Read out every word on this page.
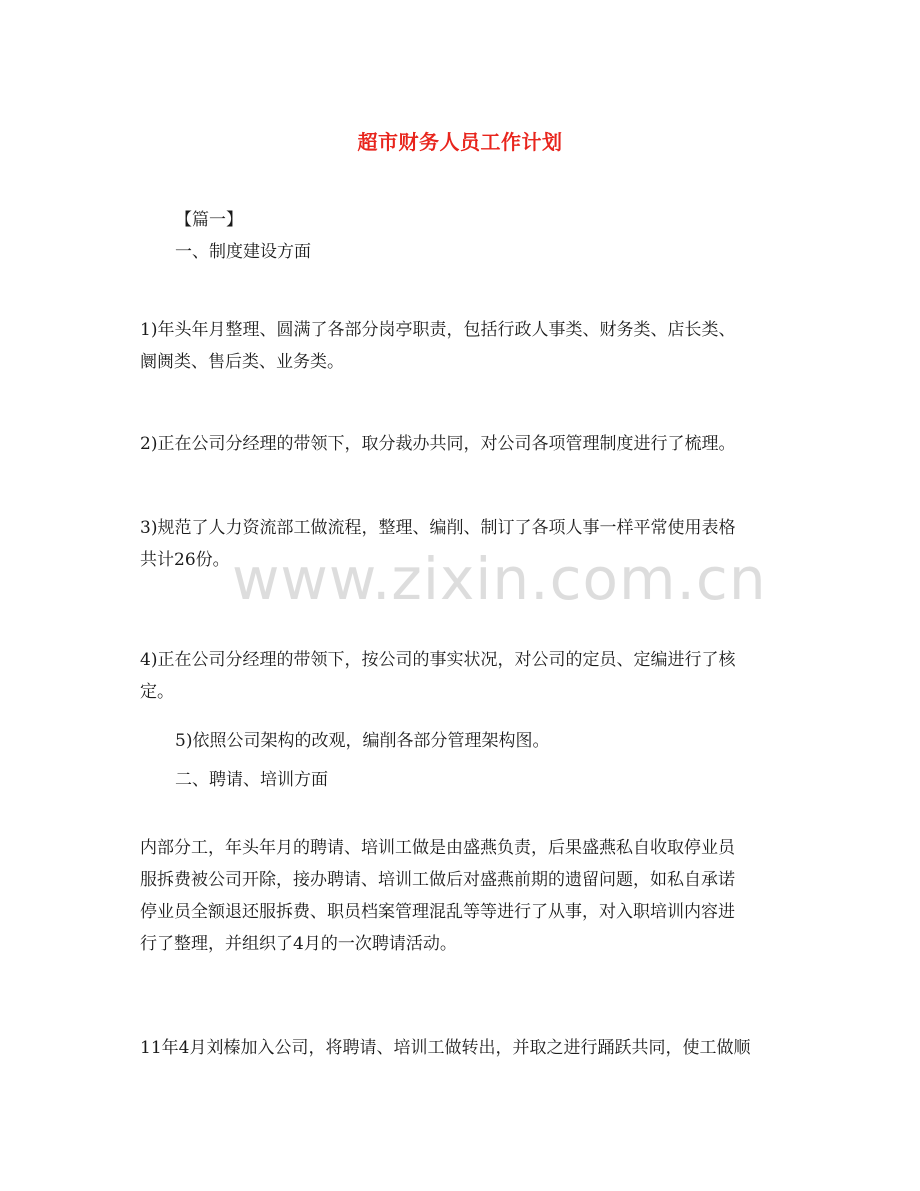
超市财务人员工作计划

【篇一】

一、制度建设方面

1)年头年月整理、圆满了各部分岗亭职责，包括行政人事类、财务类、店长类、
阛阓类、售后类、业务类。

2)正在公司分经理的带领下，取分裁办共同，对公司各项管理制度进行了梳理。

3)规范了人力资流部工做流程，整理、编削、制订了各项人事一样平常使用表格
共计26份。

4)正在公司分经理的带领下，按公司的事实状况，对公司的定员、定编进行了核
定。

5)依照公司架构的改观，编削各部分管理架构图。

二、聘请、培训方面

内部分工，年头年月的聘请、培训工做是由盛燕负责，后果盛燕私自收取停业员
服拆费被公司开除，接办聘请、培训工做后对盛燕前期的遗留问题，如私自承诺
停业员全额退还服拆费、职员档案管理混乱等等进行了从事，对入职培训内容进
行了整理，并组织了4月的一次聘请活动。

11年4月刘榛加入公司，将聘请、培训工做转出，并取之进行踊跃共同，使工做顺

www.zixin.com.cn
